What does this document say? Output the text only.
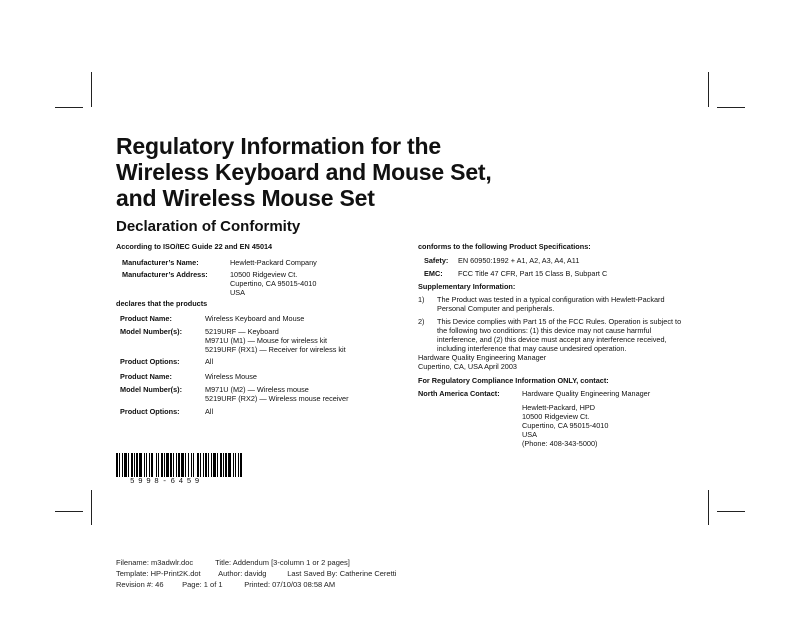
Regulatory Information for the
Wireless Keyboard and Mouse Set,
and Wireless Mouse Set
Declaration of Conformity
According to ISO/IEC Guide 22 and EN 45014
Manufacturer’s Name:	Hewlett-Packard Company
Manufacturer’s Address:	10500 Ridgeview Ct.
Cupertino, CA 95015-4010
USA
declares that the products
Product Name:	Wireless Keyboard and Mouse
Model Number(s):	5219URF — Keyboard
M971U (M1) — Mouse for wireless kit
5219URF (RX1) — Receiver for wireless kit
Product Options:	All
Product Name:	Wireless Mouse
Model Number(s):	M971U (M2) — Wireless mouse
5219URF (RX2) — Wireless mouse receiver
Product Options:	All
conforms to the following Product Specifications:
Safety: EN 60950:1992 + A1, A2, A3, A4, A11
EMC: FCC Title 47 CFR, Part 15 Class B, Subpart C
Supplementary Information:
1) The Product was tested in a typical configuration with Hewlett-Packard
Personal Computer and peripherals.
2) This Device complies with Part 15 of the FCC Rules. Operation is subject to
the following two conditions: (1) this device may not cause harmful
interference, and (2) this device must accept any interference received,
including interference that may cause undesired operation.
Hardware Quality Engineering Manager
Cupertino, CA, USA April 2003
For Regulatory Compliance Information ONLY, contact:
North America Contact:	Hardware Quality Engineering Manager
Hewlett-Packard, HPD
10500 Ridgeview Ct.
Cupertino, CA 95015-4010
USA
(Phone: 408-343-5000)
5998-6459
Filename: m3adwlr.doc	Title: Addendum [3-column 1 or 2 pages]
Template: HP-Print2K.dot Author: davidg	Last Saved By: Catherine Ceretti
Revision #: 46 Page: 1 of 1	Printed: 07/10/03 08:58 AM
